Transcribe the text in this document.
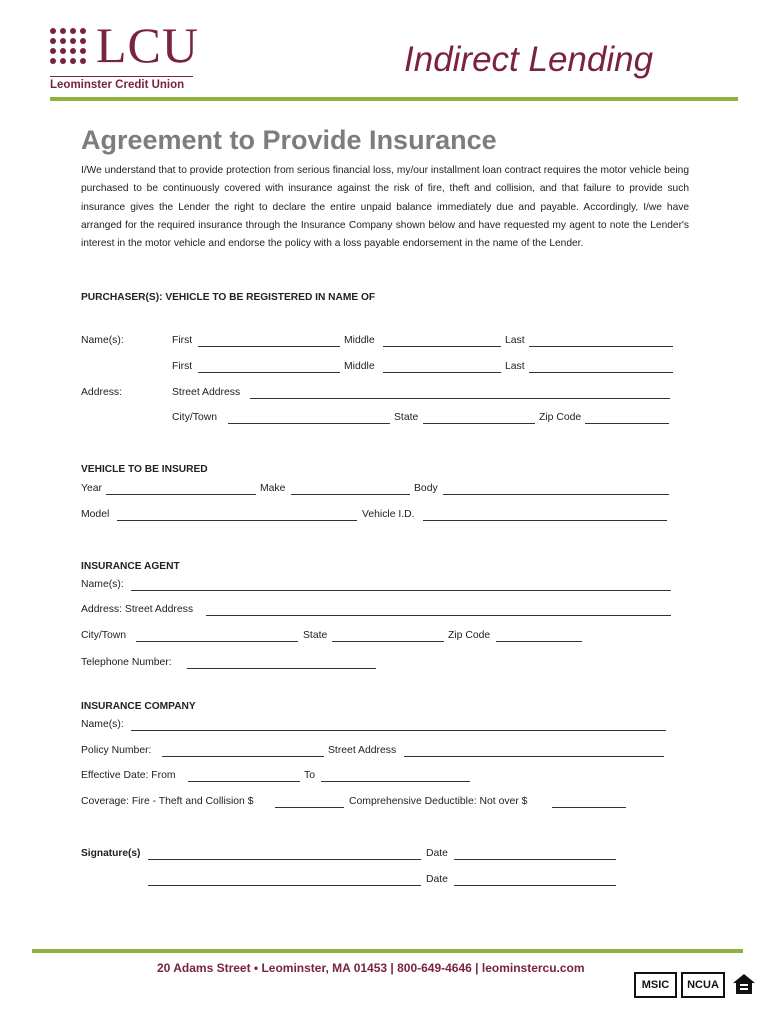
LCU
Leominster Credit Union
Indirect Lending
Agreement to Provide Insurance
I/We understand that to provide protection from serious financial loss, my/our installment loan contract requires the motor vehicle being purchased to be continuously covered with insurance against the risk of fire, theft and collision, and that failure to provide such insurance gives the Lender the right to declare the entire unpaid balance immediately due and payable. Accordingly, I/we have arranged for the required insurance through the Insurance Company shown below and have requested my agent to note the Lender's interest in the motor vehicle and endorse the policy with a loss payable endorsement in the name of the Lender.
PURCHASER(S): VEHICLE TO BE REGISTERED IN NAME OF
Name(s):	First	Middle	Last
First	Middle	Last
Address:	Street Address
City/Town	State	Zip Code
VEHICLE TO BE INSURED
Year	Make	Body
Model	Vehicle I.D.
INSURANCE AGENT
Name(s):
Address: Street Address
City/Town	State	Zip Code
Telephone Number:
INSURANCE COMPANY
Name(s):
Policy Number:	Street Address
Effective Date: From	To
Coverage: Fire - Theft and Collision $	Comprehensive Deductible: Not over $
Signature(s)	Date
Date
20 Adams Street • Leominster, MA 01453 | 800-649-4646 | leominstercu.com
MSIC	NCUA
